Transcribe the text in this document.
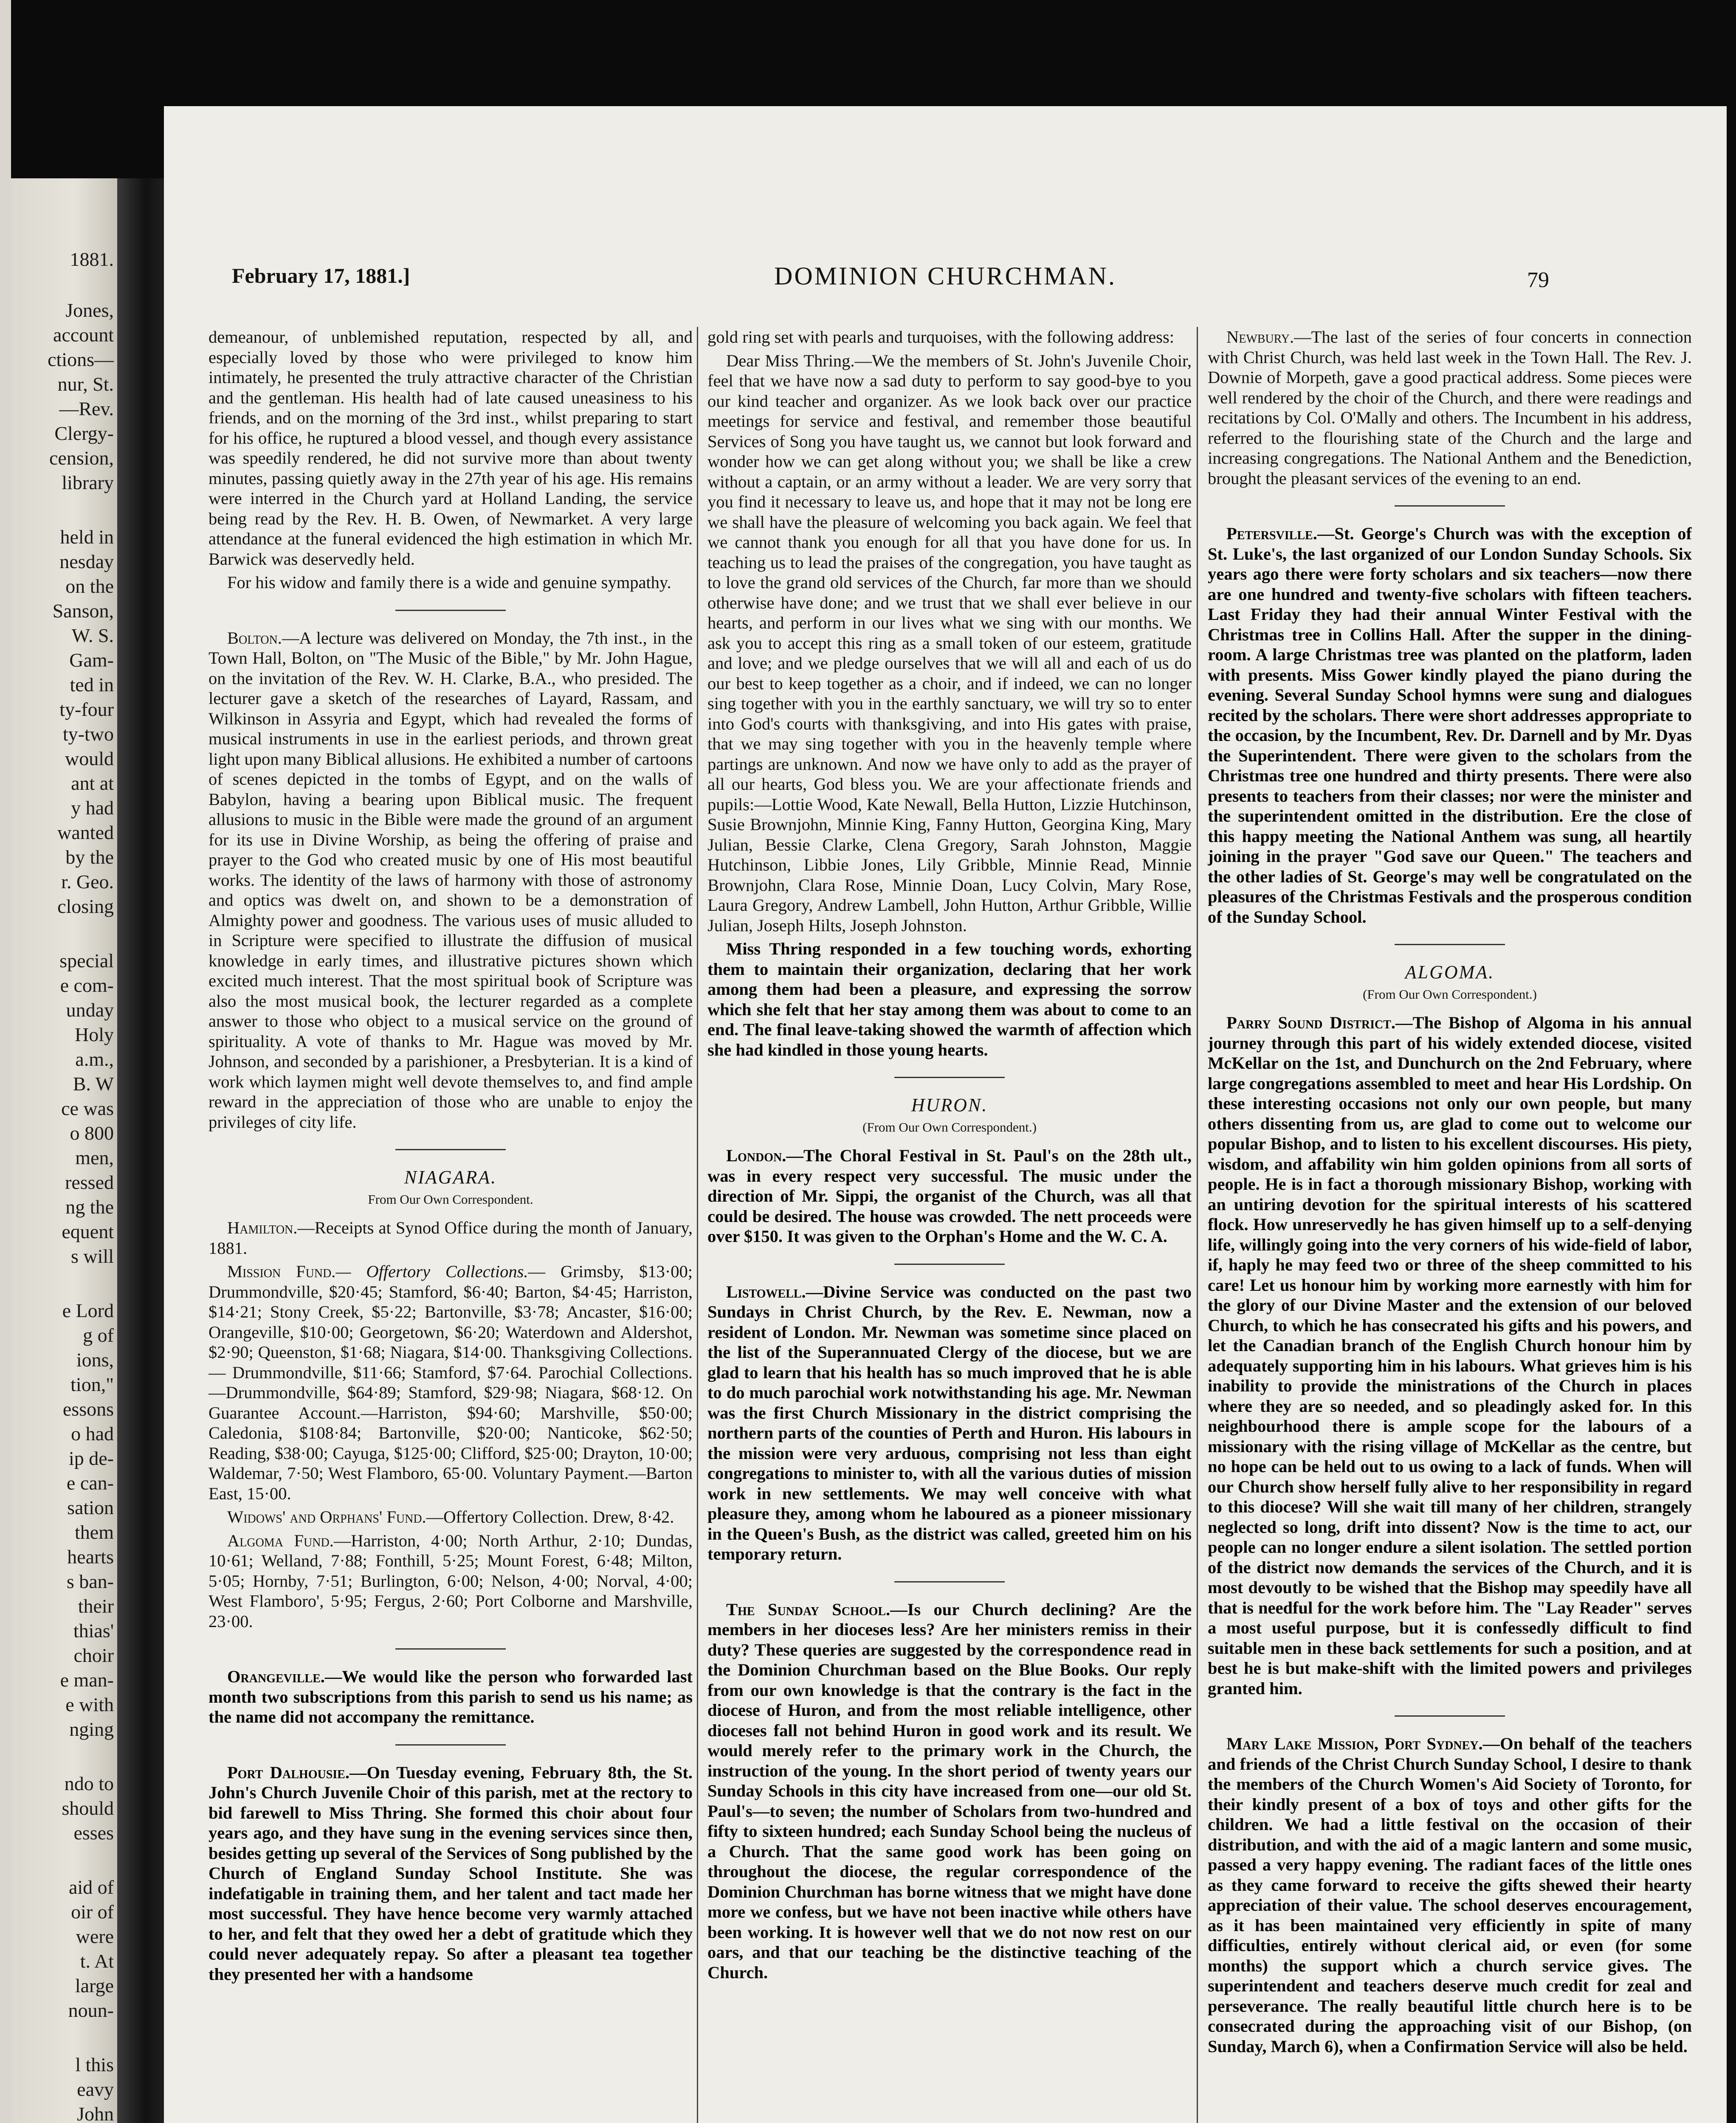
1881.
Jones,
account
ctions—
nur, St.
—Rev.
Clergy-
cension,
library
held in
nesday
on the
Sanson,
W. S.
Gam-
ted in
ty-four
ty-two
would
ant at
y had
wanted
by the
r. Geo.
closing
special
e com-
unday
Holy
a.m.,
B. W
ce was
o 800
men,
ressed
ng the
equent
s will
e Lord
g of
ions,
tion,"
essons
o had
ip de-
e can-
sation
them
hearts
s ban-
their
thias'
choir
e man-
e with
nging
ndo to
should
esses
aid of
oir of
were
t. At
large
noun-
l this
eavy
John
February 17, 1881.]	DOMINION CHURCHMAN.	79

demeanour, of unblemished reputation, respected by all, and especially loved by those who were privileged to know him intimately, he presented the truly attractive character of the Christian and the gentleman. His health had of late caused uneasiness to his friends, and on the morning of the 3rd inst., whilst preparing to start for his office, he ruptured a blood vessel, and though every assistance was speedily rendered, he did not survive more than about twenty minutes, passing quietly away in the 27th year of his age. His remains were interred in the Church yard at Holland Landing, the service being read by the Rev. H. B. Owen, of Newmarket. A very large attendance at the funeral evidenced the high estimation in which Mr. Barwick was deservedly held.

For his widow and family there is a wide and genuine sympathy.

Bolton.—A lecture was delivered on Monday, the 7th inst., in the Town Hall, Bolton, on "The Music of the Bible," by Mr. John Hague, on the invitation of the Rev. W. H. Clarke, B.A., who presided. The lecturer gave a sketch of the researches of Layard, Rassam, and Wilkinson in Assyria and Egypt, which had revealed the forms of musical instruments in use in the earliest periods, and thrown great light upon many Biblical allusions. He exhibited a number of cartoons of scenes depicted in the tombs of Egypt, and on the walls of Babylon, having a bearing upon Biblical music. The frequent allusions to music in the Bible were made the ground of an argument for its use in Divine Worship, as being the offering of praise and prayer to the God who created music by one of His most beautiful works. The identity of the laws of harmony with those of astronomy and optics was dwelt on, and shown to be a demonstration of Almighty power and goodness. The various uses of music alluded to in Scripture were specified to illustrate the diffusion of musical knowledge in early times, and illustrative pictures shown which excited much interest. That the most spiritual book of Scripture was also the most musical book, the lecturer regarded as a complete answer to those who object to a musical service on the ground of spirituality. A vote of thanks to Mr. Hague was moved by Mr. Johnson, and seconded by a parishioner, a Presbyterian. It is a kind of work which laymen might well devote themselves to, and find ample reward in the appreciation of those who are unable to enjoy the privileges of city life.

NIAGARA.
From Our Own Correspondent.

Hamilton.—Receipts at Synod Office during the month of January, 1881.

Mission Fund.— Offertory Collections.— Grimsby, $13·00; Drummondville, $20·45; Stamford, $6·40; Barton, $4·45; Harriston, $14·21; Stony Creek, $5·22; Bartonville, $3·78; Ancaster, $16·00; Orangeville, $10·00; Georgetown, $6·20; Waterdown and Aldershot, $2·90; Queenston, $1·68; Niagara, $14·00. Thanksgiving Collections. — Drummondville, $11·66; Stamford, $7·64. Parochial Collections.—Drummondville, $64·89; Stamford, $29·98; Niagara, $68·12. On Guarantee Account.—Harriston, $94·60; Marshville, $50·00; Caledonia, $108·84; Bartonville, $20·00; Nanticoke, $62·50; Reading, $38·00; Cayuga, $125·00; Clifford, $25·00; Drayton, 10·00; Waldemar, 7·50; West Flamboro, 65·00. Voluntary Payment.—Barton East, 15·00.

Widows' and Orphans' Fund.—Offertory Collection. Drew, 8·42.

Algoma Fund.—Harriston, 4·00; North Arthur, 2·10; Dundas, 10·61; Welland, 7·88; Fonthill, 5·25; Mount Forest, 6·48; Milton, 5·05; Hornby, 7·51; Burlington, 6·00; Nelson, 4·00; Norval, 4·00; West Flamboro', 5·95; Fergus, 2·60; Port Colborne and Marshville, 23·00.

Orangeville.—We would like the person who forwarded last month two subscriptions from this parish to send us his name; as the name did not accompany the remittance.

Port Dalhousie.—On Tuesday evening, February 8th, the St. John's Church Juvenile Choir of this parish, met at the rectory to bid farewell to Miss Thring. She formed this choir about four years ago, and they have sung in the evening services since then, besides getting up several of the Services of Song published by the Church of England Sunday School Institute. She was indefatigable in training them, and her talent and tact made her most successful. They have hence become very warmly attached to her, and felt that they owed her a debt of gratitude which they could never adequately repay. So after a pleasant tea together they presented her with a handsome

gold ring set with pearls and turquoises, with the following address:

Dear Miss Thring.—We the members of St. John's Juvenile Choir, feel that we have now a sad duty to perform to say good-bye to you our kind teacher and organizer. As we look back over our practice meetings for service and festival, and remember those beautiful Services of Song you have taught us, we cannot but look forward and wonder how we can get along without you; we shall be like a crew without a captain, or an army without a leader. We are very sorry that you find it necessary to leave us, and hope that it may not be long ere we shall have the pleasure of welcoming you back again. We feel that we cannot thank you enough for all that you have done for us. In teaching us to lead the praises of the congregation, you have taught as to love the grand old services of the Church, far more than we should otherwise have done; and we trust that we shall ever believe in our hearts, and perform in our lives what we sing with our months. We ask you to accept this ring as a small token of our esteem, gratitude and love; and we pledge ourselves that we will all and each of us do our best to keep together as a choir, and if indeed, we can no longer sing together with you in the earthly sanctuary, we will try so to enter into God's courts with thanksgiving, and into His gates with praise, that we may sing together with you in the heavenly temple where partings are unknown. And now we have only to add as the prayer of all our hearts, God bless you. We are your affectionate friends and pupils:—Lottie Wood, Kate Newall, Bella Hutton, Lizzie Hutchinson, Susie Brownjohn, Minnie King, Fanny Hutton, Georgina King, Mary Julian, Bessie Clarke, Clena Gregory, Sarah Johnston, Maggie Hutchinson, Libbie Jones, Lily Gribble, Minnie Read, Minnie Brownjohn, Clara Rose, Minnie Doan, Lucy Colvin, Mary Rose, Laura Gregory, Andrew Lambell, John Hutton, Arthur Gribble, Willie Julian, Joseph Hilts, Joseph Johnston.

Miss Thring responded in a few touching words, exhorting them to maintain their organization, declaring that her work among them had been a pleasure, and expressing the sorrow which she felt that her stay among them was about to come to an end. The final leave-taking showed the warmth of affection which she had kindled in those young hearts.

HURON.
(From Our Own Correspondent.)

London.—The Choral Festival in St. Paul's on the 28th ult., was in every respect very successful. The music under the direction of Mr. Sippi, the organist of the Church, was all that could be desired. The house was crowded. The nett proceeds were over $150. It was given to the Orphan's Home and the W. C. A.

Listowell.—Divine Service was conducted on the past two Sundays in Christ Church, by the Rev. E. Newman, now a resident of London. Mr. Newman was sometime since placed on the list of the Superannuated Clergy of the diocese, but we are glad to learn that his health has so much improved that he is able to do much parochial work notwithstanding his age. Mr. Newman was the first Church Missionary in the district comprising the northern parts of the counties of Perth and Huron. His labours in the mission were very arduous, comprising not less than eight congregations to minister to, with all the various duties of mission work in new settlements. We may well conceive with what pleasure they, among whom he laboured as a pioneer missionary in the Queen's Bush, as the district was called, greeted him on his temporary return.

The Sunday School.—Is our Church declining? Are the members in her dioceses less? Are her ministers remiss in their duty? These queries are suggested by the correspondence read in the Dominion Churchman based on the Blue Books. Our reply from our own knowledge is that the contrary is the fact in the diocese of Huron, and from the most reliable intelligence, other dioceses fall not behind Huron in good work and its result. We would merely refer to the primary work in the Church, the instruction of the young. In the short period of twenty years our Sunday Schools in this city have increased from one—our old St. Paul's—to seven; the number of Scholars from two-hundred and fifty to sixteen hundred; each Sunday School being the nucleus of a Church. That the same good work has been going on throughout the diocese, the regular correspondence of the Dominion Churchman has borne witness that we might have done more we confess, but we have not been inactive while others have been working. It is however well that we do not now rest on our oars, and that our teaching be the distinctive teaching of the Church.

Newbury.—The last of the series of four concerts in connection with Christ Church, was held last week in the Town Hall. The Rev. J. Downie of Morpeth, gave a good practical address. Some pieces were well rendered by the choir of the Church, and there were readings and recitations by Col. O'Mally and others. The Incumbent in his address, referred to the flourishing state of the Church and the large and increasing congregations. The National Anthem and the Benediction, brought the pleasant services of the evening to an end.

Petersville.—St. George's Church was with the exception of St. Luke's, the last organized of our London Sunday Schools. Six years ago there were forty scholars and six teachers—now there are one hundred and twenty-five scholars with fifteen teachers. Last Friday they had their annual Winter Festival with the Christmas tree in Collins Hall. After the supper in the dining-room. A large Christmas tree was planted on the platform, laden with presents. Miss Gower kindly played the piano during the evening. Several Sunday School hymns were sung and dialogues recited by the scholars. There were short addresses appropriate to the occasion, by the Incumbent, Rev. Dr. Darnell and by Mr. Dyas the Superintendent. There were given to the scholars from the Christmas tree one hundred and thirty presents. There were also presents to teachers from their classes; nor were the minister and the superintendent omitted in the distribution. Ere the close of this happy meeting the National Anthem was sung, all heartily joining in the prayer "God save our Queen." The teachers and the other ladies of St. George's may well be congratulated on the pleasures of the Christmas Festivals and the prosperous condition of the Sunday School.

ALGOMA.
(From Our Own Correspondent.)

Parry Sound District.—The Bishop of Algoma in his annual journey through this part of his widely extended diocese, visited McKellar on the 1st, and Dunchurch on the 2nd February, where large congregations assembled to meet and hear His Lordship. On these interesting occasions not only our own people, but many others dissenting from us, are glad to come out to welcome our popular Bishop, and to listen to his excellent discourses. His piety, wisdom, and affability win him golden opinions from all sorts of people. He is in fact a thorough missionary Bishop, working with an untiring devotion for the spiritual interests of his scattered flock. How unreservedly he has given himself up to a self-denying life, willingly going into the very corners of his wide-field of labor, if, haply he may feed two or three of the sheep committed to his care! Let us honour him by working more earnestly with him for the glory of our Divine Master and the extension of our beloved Church, to which he has consecrated his gifts and his powers, and let the Canadian branch of the English Church honour him by adequately supporting him in his labours. What grieves him is his inability to provide the ministrations of the Church in places where they are so needed, and so pleadingly asked for. In this neighbourhood there is ample scope for the labours of a missionary with the rising village of McKellar as the centre, but no hope can be held out to us owing to a lack of funds. When will our Church show herself fully alive to her responsibility in regard to this diocese? Will she wait till many of her children, strangely neglected so long, drift into dissent? Now is the time to act, our people can no longer endure a silent isolation. The settled portion of the district now demands the services of the Church, and it is most devoutly to be wished that the Bishop may speedily have all that is needful for the work before him. The "Lay Reader" serves a most useful purpose, but it is confessedly difficult to find suitable men in these back settlements for such a position, and at best he is but make-shift with the limited powers and privileges granted him.

Mary Lake Mission, Port Sydney.—On behalf of the teachers and friends of the Christ Church Sunday School, I desire to thank the members of the Church Women's Aid Society of Toronto, for their kindly present of a box of toys and other gifts for the children. We had a little festival on the occasion of their distribution, and with the aid of a magic lantern and some music, passed a very happy evening. The radiant faces of the little ones as they came forward to receive the gifts shewed their hearty appreciation of their value. The school deserves encouragement, as it has been maintained very efficiently in spite of many difficulties, entirely without clerical aid, or even (for some months) the support which a church service gives. The superintendent and teachers deserve much credit for zeal and perseverance. The really beautiful little church here is to be consecrated during the approaching visit of our Bishop, (on Sunday, March 6), when a Confirmation Service will also be held.
